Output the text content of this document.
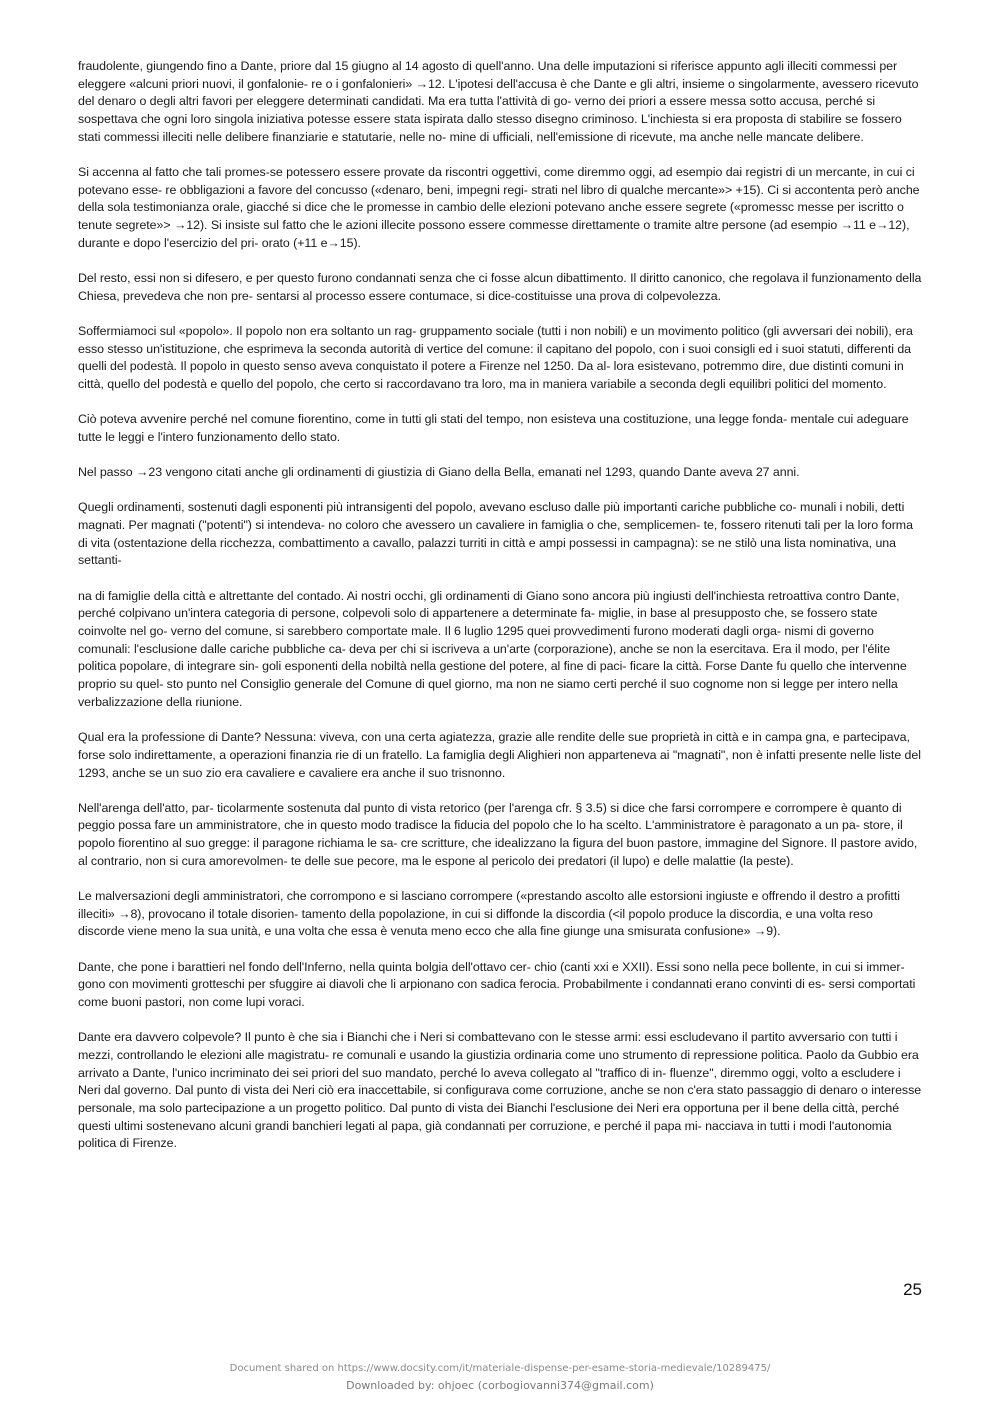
fraudolente, giungendo fino a Dante, priore dal 15 giugno al 14 agosto di quell'anno. Una delle imputazioni si riferisce appunto agli illeciti commessi per eleggere «alcuni priori nuovi, il gonfalonie- re o i gonfalonieri» →12. L'ipotesi dell'accusa è che Dante e gli altri, insieme o singolarmente, avessero ricevuto del denaro o degli altri favori per eleggere determinati candidati. Ma era tutta l'attività di go- verno dei priori a essere messa sotto accusa, perché si sospettava che ogni loro singola iniziativa potesse essere stata ispirata dallo stesso disegno criminoso. L'inchiesta si era proposta di stabilire se fossero stati commessi illeciti nelle delibere finanziarie e statutarie, nelle no- mine di ufficiali, nell'emissione di ricevute, ma anche nelle mancate delibere.

Si accenna al fatto che tali promes-se potessero essere provate da riscontri oggettivi, come diremmo oggi, ad esempio dai registri di un mercante, in cui ci potevano esse- re obbligazioni a favore del concusso («denaro, beni, impegni regi- strati nel libro di qualche mercante»> +15). Ci si accontenta però anche della sola testimonianza orale, giacché si dice che le promesse in cambio delle elezioni potevano anche essere segrete («promessc messe per iscritto o tenute segrete»> →12). Si insiste sul fatto che le azioni illecite possono essere commesse direttamente o tramite altre persone (ad esempio →11 e→12), durante e dopo l'esercizio del pri- orato (+11 e→15).

Del resto, essi non si difesero, e per questo furono condannati senza che ci fosse alcun dibattimento. Il diritto canonico, che regolava il funzionamento della Chiesa, prevedeva che non pre- sentarsi al processo essere contumace, si dice-costituisse una prova di colpevolezza.

Soffermiamoci sul «popolo». Il popolo non era soltanto un rag- gruppamento sociale (tutti i non nobili) e un movimento politico (gli avversari dei nobili), era esso stesso un'istituzione, che esprimeva la seconda autorità di vertice del comune: il capitano del popolo, con i suoi consigli ed i suoi statuti, differenti da quelli del podestà. Il popolo in questo senso aveva conquistato il potere a Firenze nel 1250. Da al- lora esistevano, potremmo dire, due distinti comuni in città, quello del podestà e quello del popolo, che certo si raccordavano tra loro, ma in maniera variabile a seconda degli equilibri politici del momento.

Ciò poteva avvenire perché nel comune fiorentino, come in tutti gli stati del tempo, non esisteva una costituzione, una legge fonda- mentale cui adeguare tutte le leggi e l'intero funzionamento dello stato.

Nel passo →23 vengono citati anche gli ordinamenti di giustizia di Giano della Bella, emanati nel 1293, quando Dante aveva 27 anni.

Quegli ordinamenti, sostenuti dagli esponenti più intransigenti del popolo, avevano escluso dalle più importanti cariche pubbliche co- munali i nobili, detti magnati. Per magnati ("potenti") si intendeva- no coloro che avessero un cavaliere in famiglia o che, semplicemen- te, fossero ritenuti tali per la loro forma di vita (ostentazione della ricchezza, combattimento a cavallo, palazzi turriti in città e ampi possessi in campagna): se ne stilò una lista nominativa, una settanti-

na di famiglie della città e altrettante del contado. Ai nostri occhi, gli ordinamenti di Giano sono ancora più ingiusti dell'inchiesta retroattiva contro Dante, perché colpivano un'intera categoria di persone, colpevoli solo di appartenere a determinate fa- miglie, in base al presupposto che, se fossero state coinvolte nel go- verno del comune, si sarebbero comportate male. Il 6 luglio 1295 quei provvedimenti furono moderati dagli orga- nismi di governo comunali: l'esclusione dalle cariche pubbliche ca- deva per chi si iscriveva a un'arte (corporazione), anche se non la esercitava. Era il modo, per l'élite politica popolare, di integrare sin- goli esponenti della nobiltà nella gestione del potere, al fine di paci- ficare la città. Forse Dante fu quello che intervenne proprio su quel- sto punto nel Consiglio generale del Comune di quel giorno, ma non ne siamo certi perché il suo cognome non si legge per intero nella verbalizzazione della riunione.

Qual era la professione di Dante? Nessuna: viveva, con una certa agiatezza, grazie alle rendite delle sue proprietà in città e in campa gna, e partecipava, forse solo indirettamente, a operazioni finanzia rie di un fratello. La famiglia degli Alighieri non apparteneva ai "magnati", non è infatti presente nelle liste del 1293, anche se un suo zio era cavaliere e cavaliere era anche il suo trisnonno.

Nell'arenga dell'atto, par- ticolarmente sostenuta dal punto di vista retorico (per l'arenga cfr. § 3.5) si dice che farsi corrompere e corrompere è quanto di peggio possa fare un amministratore, che in questo modo tradisce la fiducia del popolo che lo ha scelto. L'amministratore è paragonato a un pa- store, il popolo fiorentino al suo gregge: il paragone richiama le sa- cre scritture, che idealizzano la figura del buon pastore, immagine del Signore. Il pastore avido, al contrario, non si cura amorevolmen- te delle sue pecore, ma le espone al pericolo dei predatori (il lupo) e delle malattie (la peste).

Le malversazioni degli amministratori, che corrompono e si lasciano corrompere («prestando ascolto alle estorsioni ingiuste e offrendo il destro a profitti illeciti» →8), provocano il totale disorien- tamento della popolazione, in cui si diffonde la discordia (<il popolo produce la discordia, e una volta reso discorde viene meno la sua unità, e una volta che essa è venuta meno ecco che alla fine giunge una smisurata confusione» →9).

Dante, che pone i barattieri nel fondo dell'Inferno, nella quinta bolgia dell'ottavo cer- chio (canti xxi e XXII). Essi sono nella pece bollente, in cui si immer- gono con movimenti grotteschi per sfuggire ai diavoli che li arpionano con sadica ferocia. Probabilmente i condannati erano convinti di es- sersi comportati come buoni pastori, non come lupi voraci.

Dante era davvero colpevole? Il punto è che sia i Bianchi che i Neri si combattevano con le stesse armi: essi escludevano il partito avversario con tutti i mezzi, controllando le elezioni alle magistratu- re comunali e usando la giustizia ordinaria come uno strumento di repressione politica. Paolo da Gubbio era arrivato a Dante, l'unico incriminato dei sei priori del suo mandato, perché lo aveva collegato al "traffico di in- fluenze", diremmo oggi, volto a escludere i Neri dal governo. Dal punto di vista dei Neri ciò era inaccettabile, si configurava come corruzione, anche se non c'era stato passaggio di denaro o interesse personale, ma solo partecipazione a un progetto politico. Dal punto di vista dei Bianchi l'esclusione dei Neri era opportuna per il bene della città, perché questi ultimi sostenevano alcuni grandi banchieri legati al papa, già condannati per corruzione, e perché il papa mi- nacciava in tutti i modi l'autonomia politica di Firenze.

25
Document shared on https://www.docsity.com/it/materiale-dispense-per-esame-storia-medievale/10289475/
Downloaded by: ohjoec (corbogiovanni374@gmail.com)
